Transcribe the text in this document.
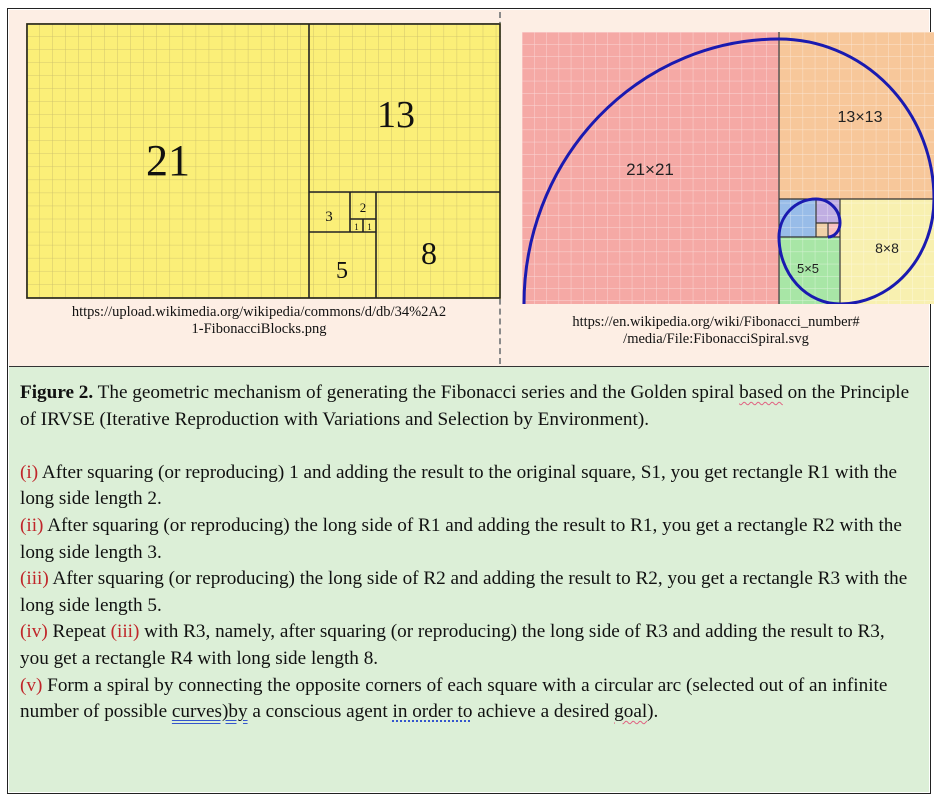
21
13
8
5
3
2
1 1
https://upload.wikimedia.org/wikipedia/commons/d/db/34%2A2
1-FibonacciBlocks.png
21×21
13×13
8×8
5×5
https://en.wikipedia.org/wiki/Fibonacci_number#
/media/File:FibonacciSpiral.svg

Figure 2. The geometric mechanism of generating the Fibonacci series and the Golden spiral based on the Principle of IRVSE (Iterative Reproduction with Variations and Selection by Environment).

(i) After squaring (or reproducing) 1 and adding the result to the original square, S1, you get rectangle R1 with the long side length 2.

(ii) After squaring (or reproducing) the long side of R1 and adding the result to R1, you get a rectangle R2 with the long side length 3.

(iii) After squaring (or reproducing) the long side of R2 and adding the result to R2, you get a rectangle R3 with the long side length 5.

(iv) Repeat (iii) with R3, namely, after squaring (or reproducing) the long side of R3 and adding the result to R3, you get a rectangle R4 with long side length 8.

(v) Form a spiral by connecting the opposite corners of each square with a circular arc (selected out of an infinite number of possible curves)by a conscious agent in order to achieve a desired goal).
